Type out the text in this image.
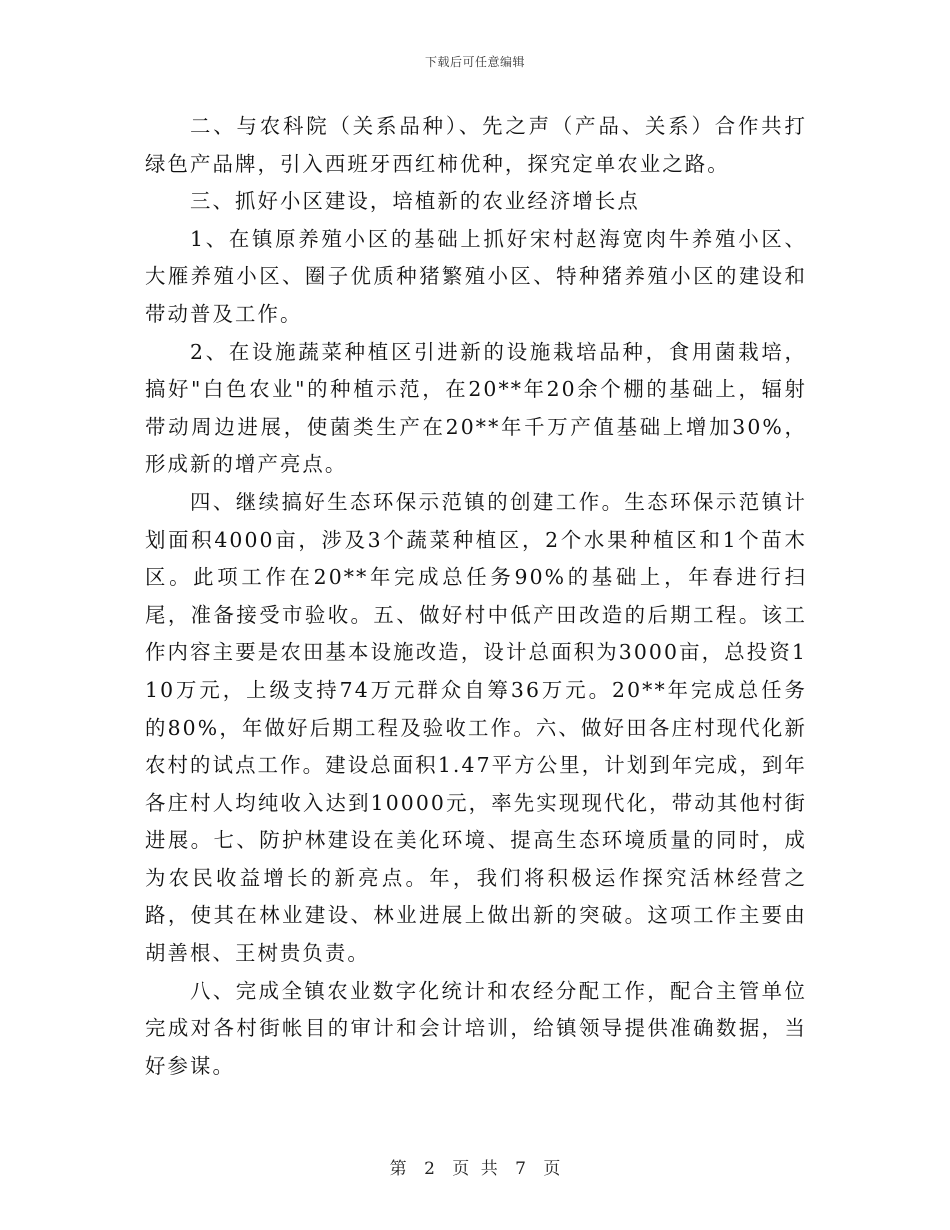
下载后可任意编辑

二、与农科院（关系品种）、先之声（产品、关系）合作共打绿色产品牌，引入西班牙西红柿优种，探究定单农业之路。

三、抓好小区建设，培植新的农业经济增长点

1、在镇原养殖小区的基础上抓好宋村赵海宽肉牛养殖小区、大雁养殖小区、圈子优质种猪繁殖小区、特种猪养殖小区的建设和带动普及工作。

2、在设施蔬菜种植区引进新的设施栽培品种，食用菌栽培，搞好"白色农业"的种植示范，在20**年20余个棚的基础上，辐射带动周边进展，使菌类生产在20**年千万产值基础上增加30%，形成新的增产亮点。

四、继续搞好生态环保示范镇的创建工作。生态环保示范镇计划面积4000亩，涉及3个蔬菜种植区，2个水果种植区和1个苗木区。此项工作在20**年完成总任务90%的基础上，年春进行扫尾，准备接受市验收。五、做好村中低产田改造的后期工程。该工作内容主要是农田基本设施改造，设计总面积为3000亩，总投资110万元，上级支持74万元群众自筹36万元。20**年完成总任务的80%，年做好后期工程及验收工作。六、做好田各庄村现代化新农村的试点工作。建设总面积1.47平方公里，计划到年完成，到年各庄村人均纯收入达到10000元，率先实现现代化，带动其他村街进展。七、防护林建设在美化环境、提高生态环境质量的同时，成为农民收益增长的新亮点。年，我们将积极运作探究活林经营之路，使其在林业建设、林业进展上做出新的突破。这项工作主要由胡善根、王树贵负责。

八、完成全镇农业数字化统计和农经分配工作，配合主管单位完成对各村街帐目的审计和会计培训，给镇领导提供准确数据，当好参谋。

第 2 页 共 7 页
